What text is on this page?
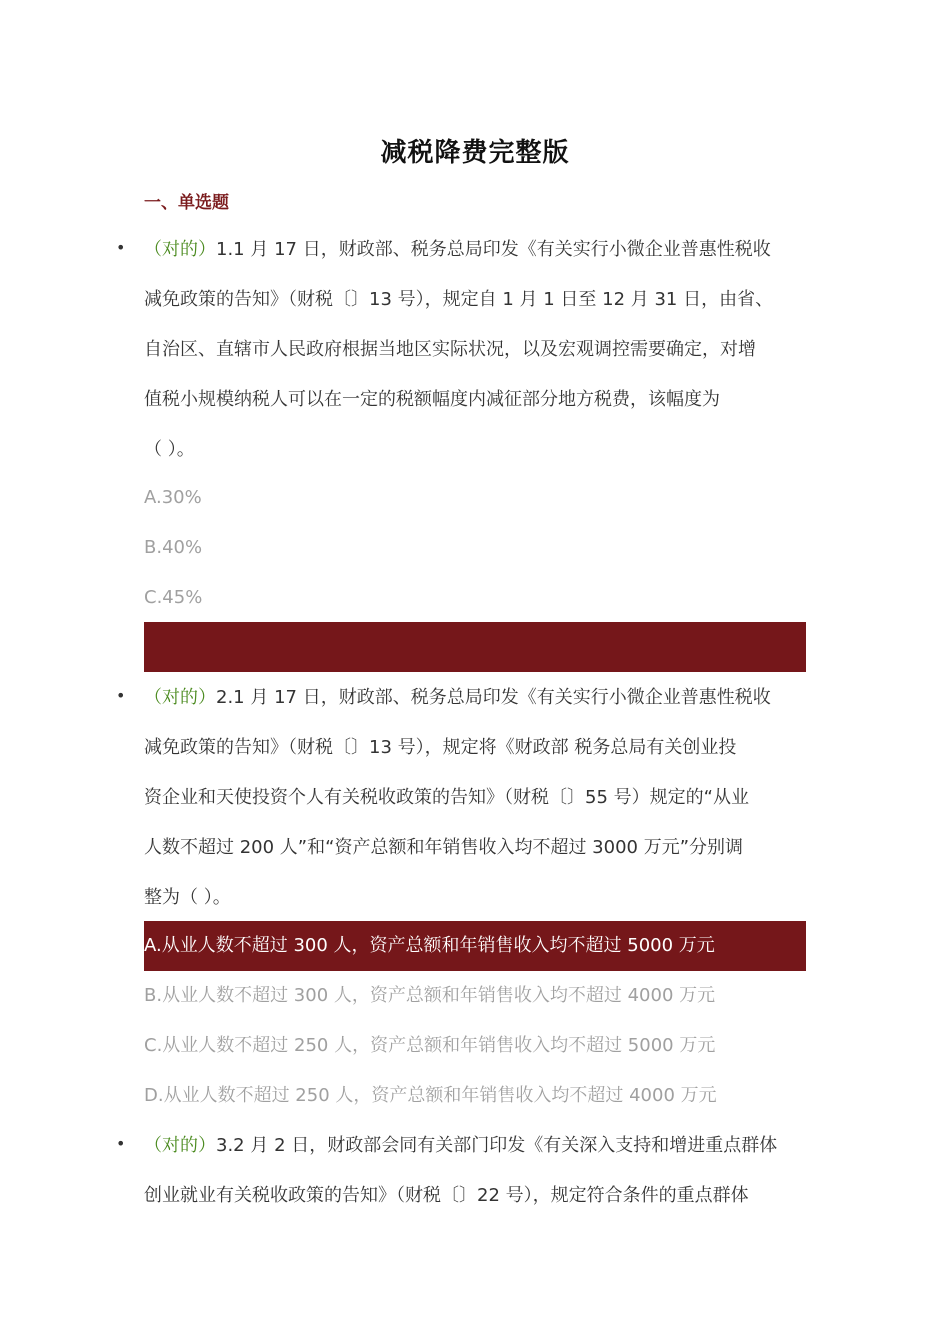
减税降费完整版
一、单选题
• （对的）1.1 月 17 日，财政部、税务总局印发《有关实行小微企业普惠性税收
减免政策的告知》（财税〔〕13 号），规定自 1 月 1 日至 12 月 31 日，由省、
自治区、直辖市人民政府根据当地区实际状况，以及宏观调控需要确定，对增
值税小规模纳税人可以在一定的税额幅度内减征部分地方税费，该幅度为
（ ）。
A.30%
B.40%
C.45%
• （对的）2.1 月 17 日，财政部、税务总局印发《有关实行小微企业普惠性税收
减免政策的告知》（财税〔〕13 号），规定将《财政部 税务总局有关创业投
资企业和天使投资个人有关税收政策的告知》（财税〔〕55 号）规定的“从业
人数不超过 200 人”和“资产总额和年销售收入均不超过 3000 万元”分别调
整为（ ）。
A.从业人数不超过 300 人，资产总额和年销售收入均不超过 5000 万元
B.从业人数不超过 300 人，资产总额和年销售收入均不超过 4000 万元
C.从业人数不超过 250 人，资产总额和年销售收入均不超过 5000 万元
D.从业人数不超过 250 人，资产总额和年销售收入均不超过 4000 万元
• （对的）3.2 月 2 日，财政部会同有关部门印发《有关深入支持和增进重点群体
创业就业有关税收政策的告知》（财税〔〕22 号），规定符合条件的重点群体
